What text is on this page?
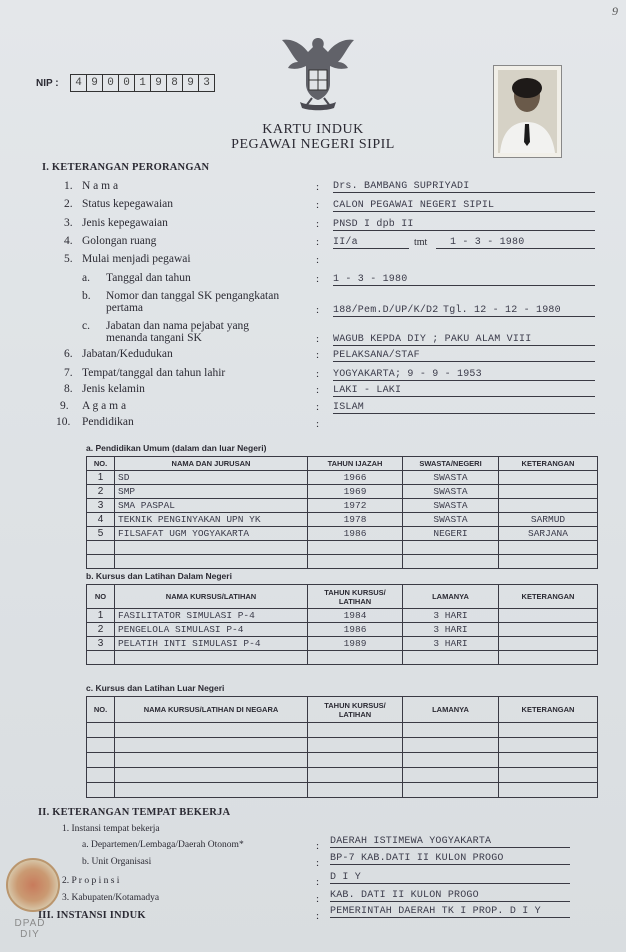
9
NIP :	4 9 0 0 1 9 8 9 3
KARTU INDUK
PEGAWAI NEGERI SIPIL
I. KETERANGAN PERORANGAN
1. N a m a	: Drs. BAMBANG SUPRIYADI
2. Status kepegawaian	: CALON PEGAWAI NEGERI SIPIL
3. Jenis kepegawaian	: PNSD I dpb II
4. Golongan ruang	: II/a	tmt	1 - 3 - 1980
5. Mulai menjadi pegawai	:
a. Tanggal dan tahun	: 1 - 3 - 1980
b. Nomor dan tanggal SK pengangkatan
pertama	: 188/Pem.D/UP/K/D2 Tgl. 12 - 12 - 1980
c. Jabatan dan nama pejabat yang
menanda tangani SK	: WAGUB KEPDA DIY ; PAKU ALAM VIII
6. Jabatan/Kedudukan	: PELAKSANA/STAF
7. Tempat/tanggal dan tahun lahir	: YOGYAKARTA; 9 - 9 - 1953
8. Jenis kelamin	: LAKI - LAKI
9. A g a m a	: ISLAM
10. Pendidikan	:
a. Pendidikan Umum (dalam dan luar Negeri)
NO.	NAMA DAN JURUSAN	TAHUN IJAZAH	SWASTA/NEGERI	KETERANGAN
1	SD	1966	SWASTA	
2	SMP	1969	SWASTA	
3	SMA PASPAL	1972	SWASTA	
4	TEKNIK PENGINYAKAN UPN YK	1978	SWASTA	SARMUD
5	FILSAFAT UGM YOGYAKARTA	1986	NEGERI	SARJANA

b. Kursus dan Latihan Dalam Negeri
NO	NAMA KURSUS/LATIHAN	TAHUN KURSUS/ LATIHAN	LAMANYA	KETERANGAN
1	FASILITATOR SIMULASI P-4	1984	3 HARI	
2	PENGELOLA SIMULASI P-4	1986	3 HARI	
3	PELATIH INTI SIMULASI P-4	1989	3 HARI	

c. Kursus dan Latihan Luar Negeri
NO.	NAMA KURSUS/LATIHAN DI NEGARA	TAHUN KURSUS/ LATIHAN	LAMANYA	KETERANGAN

II. KETERANGAN TEMPAT BEKERJA
1. Instansi tempat bekerja
a. Departemen/Lembaga/Daerah Otonom*	: DAERAH ISTIMEWA YOGYAKARTA
b. Unit Organisasi	: BP-7 KAB.DATI II KULON PROGO
2. P r o p i n s i	: D I Y
3. Kabupaten/Kotamadya	: KAB. DATI II KULON PROGO
III. INSTANSI INDUK	: PEMERINTAH DAERAH TK I PROP. D I Y
DPAD
DIY
